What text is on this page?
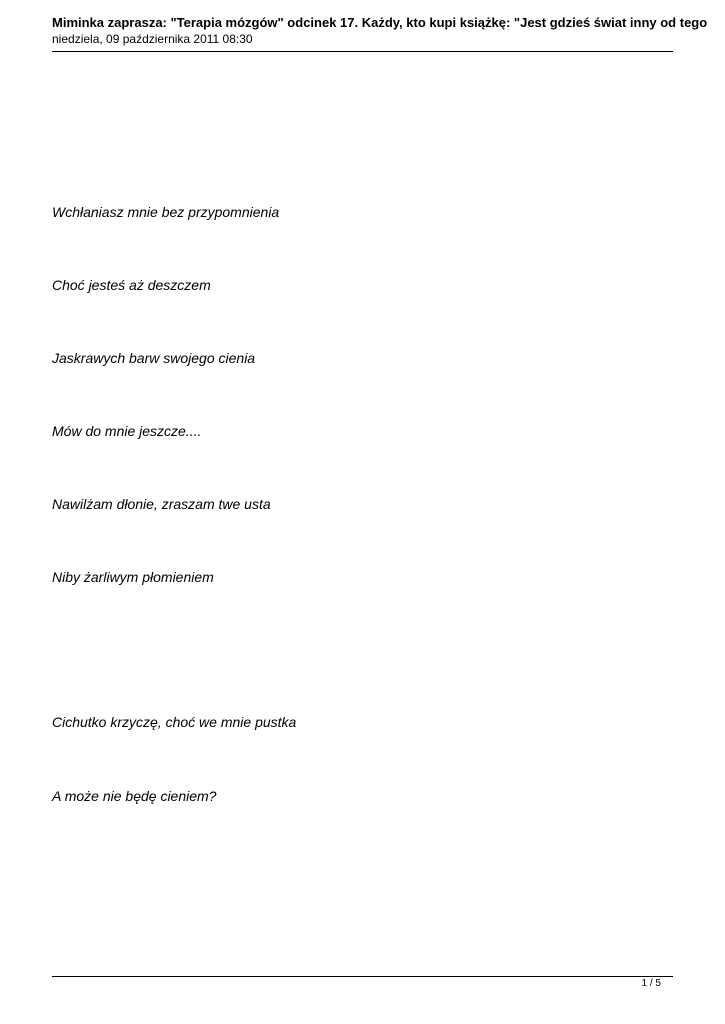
Miminka zaprasza: "Terapia mózgów" odcinek 17. Każdy, kto kupi książkę: "Jest gdzieś świat inny od tego
niedziela, 09 października 2011 08:30
Wchłaniasz mnie bez przypomnienia
Choć jesteś aż deszczem
Jaskrawych barw swojego cienia
Mów do mnie jeszcze....
Nawilżam dłonie, zraszam twe usta
Niby żarliwym płomieniem
Cichutko krzyczę, choć we mnie pustka
A może nie będę cieniem?
1 / 5
